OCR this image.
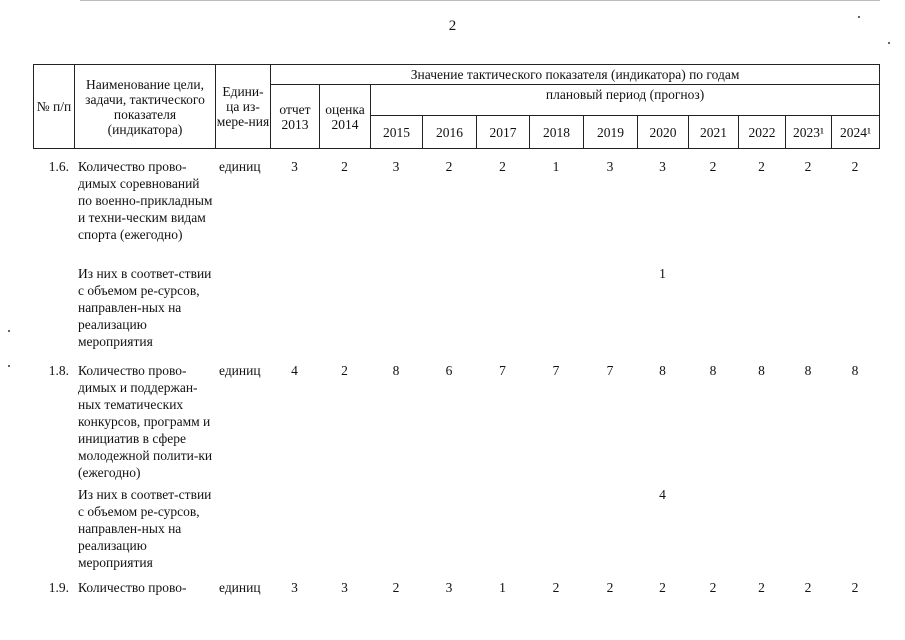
2
№ п/п	Наименование цели, задачи, тактического показателя (индикатора)	Едини-ца из-мере-ния	Значение тактического показателя (индикатора) по годам											
			отчет 2013	оценка 2014	плановый период (прогноз)									
					2015	2016	2017	2018	2019	2020	2021	2022	2023¹	2024¹
1.6.	Количество прово-димых соревнований по военно-прикладным и техни-ческим видам спорта (ежегодно)	единиц	3	2	3	2	2	1	3	3	2	2	2	2
	Из них в соответ-ствии с объемом ре-сурсов, направлен-ных на реализацию мероприятия									1				
1.8.	Количество прово-димых и поддержан-ных тематических конкурсов, программ и инициатив в сфере молодежной полити-ки (ежегодно)	единиц	4	2	8	6	7	7	7	8	8	8	8	8
	Из них в соответ-ствии с объемом ре-сурсов, направлен-ных на реализацию мероприятия									4				
1.9.	Количество прово-	единиц	3	3	2	3	1	2	2	2	2	2	2	2
